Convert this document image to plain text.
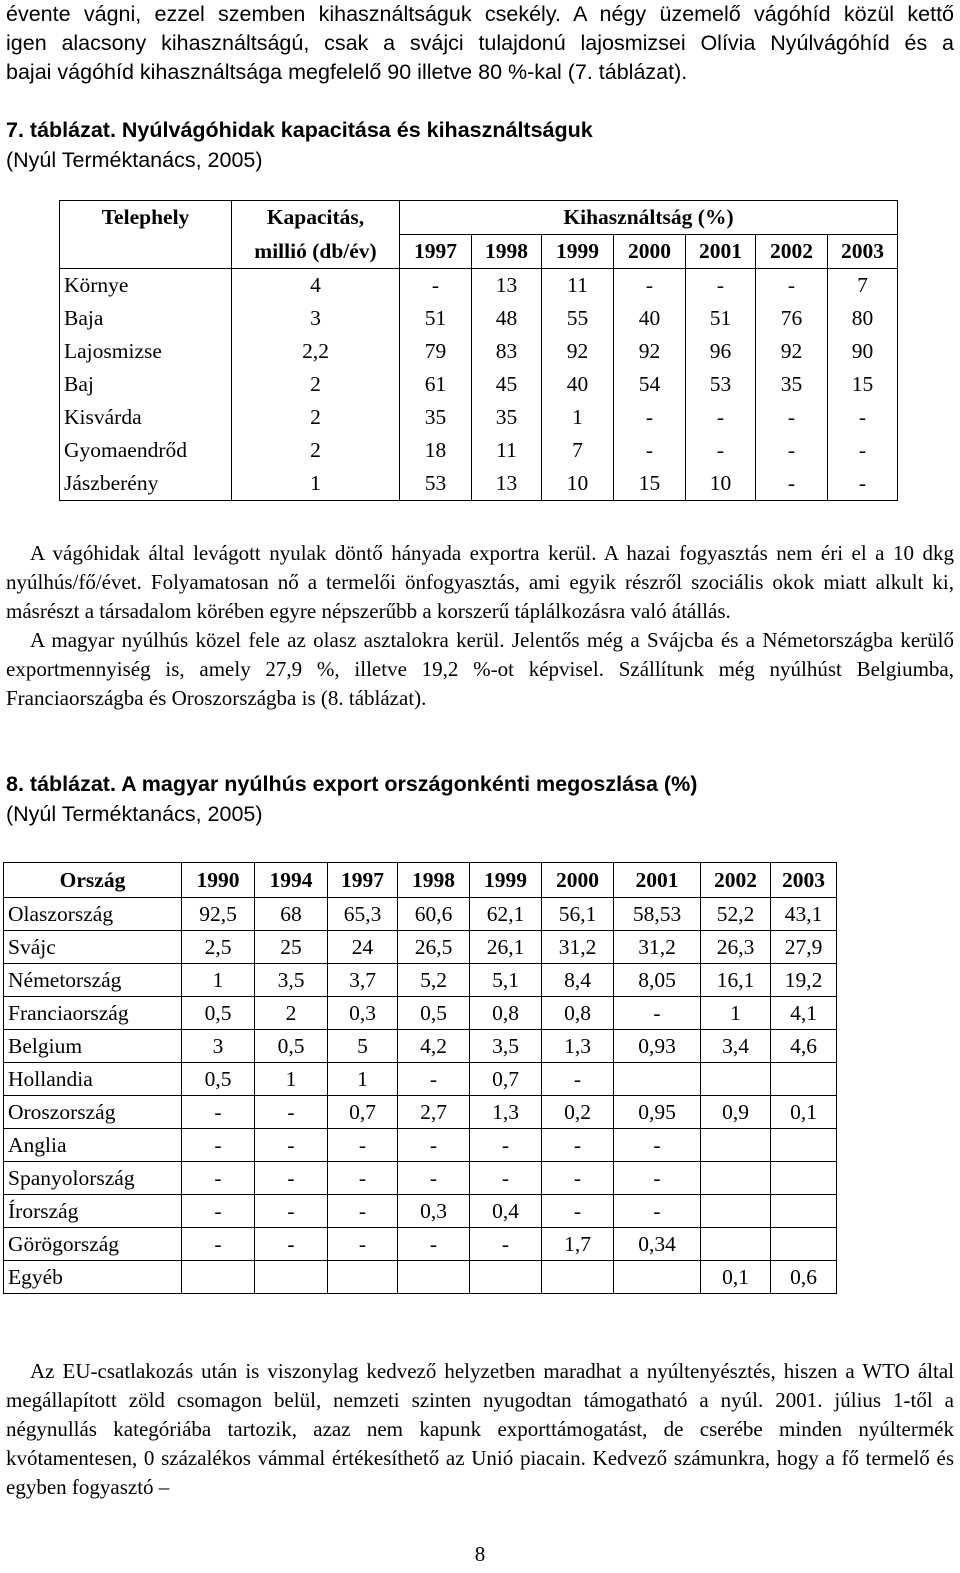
évente vágni, ezzel szemben kihasználtságuk csekély. A négy üzemelő vágóhíd közül kettő
igen alacsony kihasználtságú, csak a svájci tulajdonú lajosmizsei Olívia Nyúlvágóhíd és a
bajai vágóhíd kihasználtsága megfelelő 90 illetve 80 %-kal (7. táblázat).
7. táblázat. Nyúlvágóhidak kapacitása és kihasználtságuk
(Nyúl Terméktanács, 2005)
Telephely	Kapacitás,	Kihasználtság (%)						
	millió (db/év)	1997	1998	1999	2000	2001	2002	2003
Környe	4	-	13	11	-	-	-	7
Baja	3	51	48	55	40	51	76	80
Lajosmizse	2,2	79	83	92	92	96	92	90
Baj	2	61	45	40	54	53	35	15
Kisvárda	2	35	35	1	-	-	-	-
Gyomaendrőd	2	18	11	7	-	-	-	-
Jászberény	1	53	13	10	15	10	-	-
A vágóhidak által levágott nyulak döntő hányada exportra kerül. A hazai fogyasztás nem éri el a 10 dkg nyúlhús/fő/évet. Folyamatosan nő a termelői önfogyasztás, ami egyik részről szociális okok miatt alkult ki, másrészt a társadalom körében egyre népszerűbb a korszerű táplálkozásra való átállás.
A magyar nyúlhús közel fele az olasz asztalokra kerül. Jelentős még a Svájcba és a Németországba kerülő exportmennyiség is, amely 27,9 %, illetve 19,2 %-ot képvisel. Szállítunk még nyúlhúst Belgiumba, Franciaországba és Oroszországba is (8. táblázat).
8. táblázat. A magyar nyúlhús export országonkénti megoszlása (%)
(Nyúl Terméktanács, 2005)
Ország	1990	1994	1997	1998	1999	2000	2001	2002	2003
Olaszország	92,5	68	65,3	60,6	62,1	56,1	58,53	52,2	43,1
Svájc	2,5	25	24	26,5	26,1	31,2	31,2	26,3	27,9
Németország	1	3,5	3,7	5,2	5,1	8,4	8,05	16,1	19,2
Franciaország	0,5	2	0,3	0,5	0,8	0,8	-	1	4,1
Belgium	3	0,5	5	4,2	3,5	1,3	0,93	3,4	4,6
Hollandia	0,5	1	1	-	0,7	-			
Oroszország	-	-	0,7	2,7	1,3	0,2	0,95	0,9	0,1
Anglia	-	-	-	-	-	-	-		
Spanyolország	-	-	-	-	-	-	-		
Írország	-	-	-	0,3	0,4	-	-		
Görögország	-	-	-	-	-	1,7	0,34		
Egyéb								0,1	0,6
Az EU-csatlakozás után is viszonylag kedvező helyzetben maradhat a nyúltenyésztés, hiszen a WTO által megállapított zöld csomagon belül, nemzeti szinten nyugodtan támogatható a nyúl. 2001. július 1-től a négynullás kategóriába tartozik, azaz nem kapunk exporttámogatást, de cserébe minden nyúltermék kvótamentesen, 0 százalékos vámmal értékesíthető az Unió piacain. Kedvező számunkra, hogy a fő termelő és egyben fogyasztó –
8
